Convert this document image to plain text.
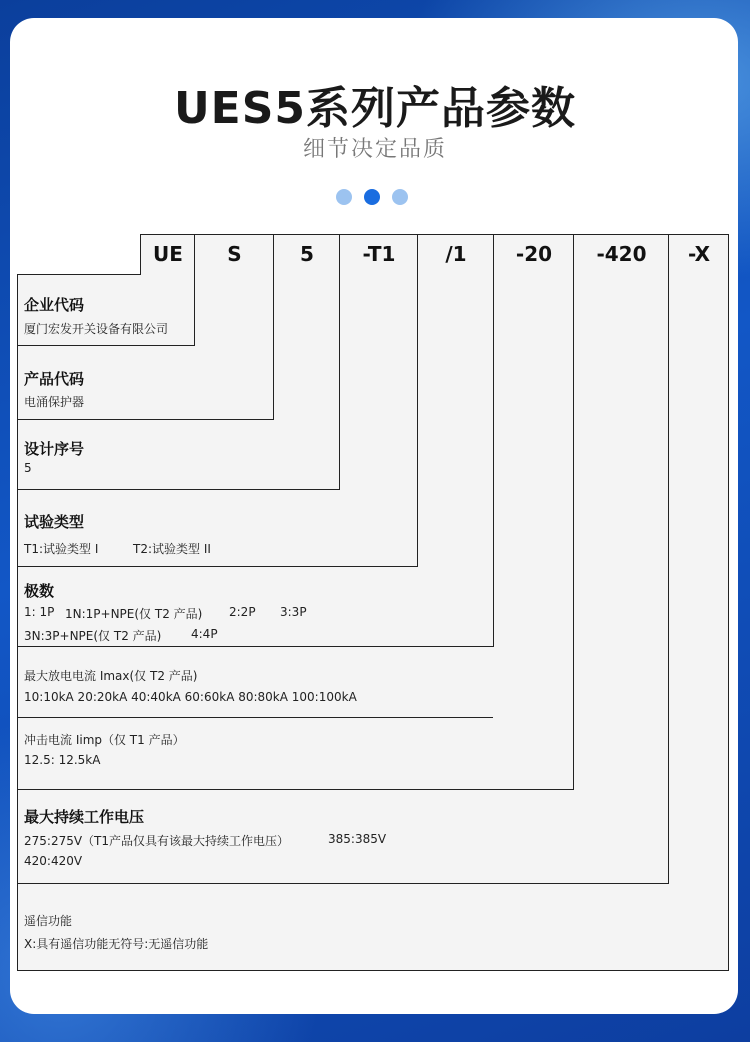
UES5系列产品参数
细节决定品质
UE	S	5	-T1	/1	-20	-420	-X
企业代码
厦门宏发开关设备有限公司
产品代码
电涌保护器
设计序号
5
试验类型
T1:试验类型 I	T2:试验类型 II
极数
1: 1P 1N:1P+NPE(仅 T2 产品) 2:2P 3:3P
3N:3P+NPE(仅 T2 产品) 4:4P
最大放电电流 Imax(仅 T2 产品)
10:10kA 20:20kA 40:40kA 60:60kA 80:80kA 100:100kA
冲击电流 Iimp（仅 T1 产品）
12.5: 12.5kA
最大持续工作电压
275:275V（T1产品仅具有该最大持续工作电压）	385:385V
420:420V
遥信功能
X:具有遥信功能无符号:无遥信功能
